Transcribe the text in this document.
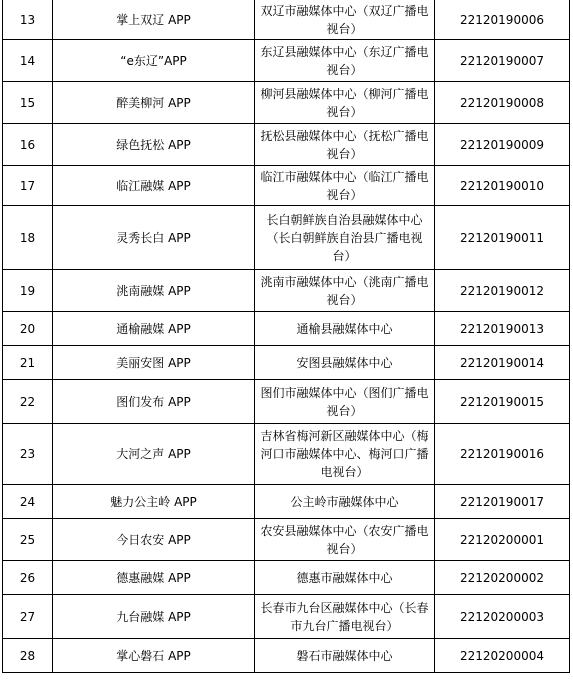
13	掌上双辽 APP	双辽市融媒体中心（双辽广播电视台）	22120190006
14	“e东辽”APP	东辽县融媒体中心（东辽广播电视台）	22120190007
15	醉美柳河 APP	柳河县融媒体中心（柳河广播电视台）	22120190008
16	绿色抚松 APP	抚松县融媒体中心（抚松广播电视台）	22120190009
17	临江融媒 APP	临江市融媒体中心（临江广播电视台）	22120190010
18	灵秀长白 APP	长白朝鲜族自治县融媒体中心（长白朝鲜族自治县广播电视台）	22120190011
19	洮南融媒 APP	洮南市融媒体中心（洮南广播电视台）	22120190012
20	通榆融媒 APP	通榆县融媒体中心	22120190013
21	美丽安图 APP	安图县融媒体中心	22120190014
22	图们发布 APP	图们市融媒体中心（图们广播电视台）	22120190015
23	大河之声 APP	吉林省梅河新区融媒体中心（梅河口市融媒体中心、梅河口广播电视台）	22120190016
24	魅力公主岭 APP	公主岭市融媒体中心	22120190017
25	今日农安 APP	农安县融媒体中心（农安广播电视台）	22120200001
26	德惠融媒 APP	德惠市融媒体中心	22120200002
27	九台融媒 APP	长春市九台区融媒体中心（长春市九台广播电视台）	22120200003
28	掌心磐石 APP	磐石市融媒体中心	22120200004
